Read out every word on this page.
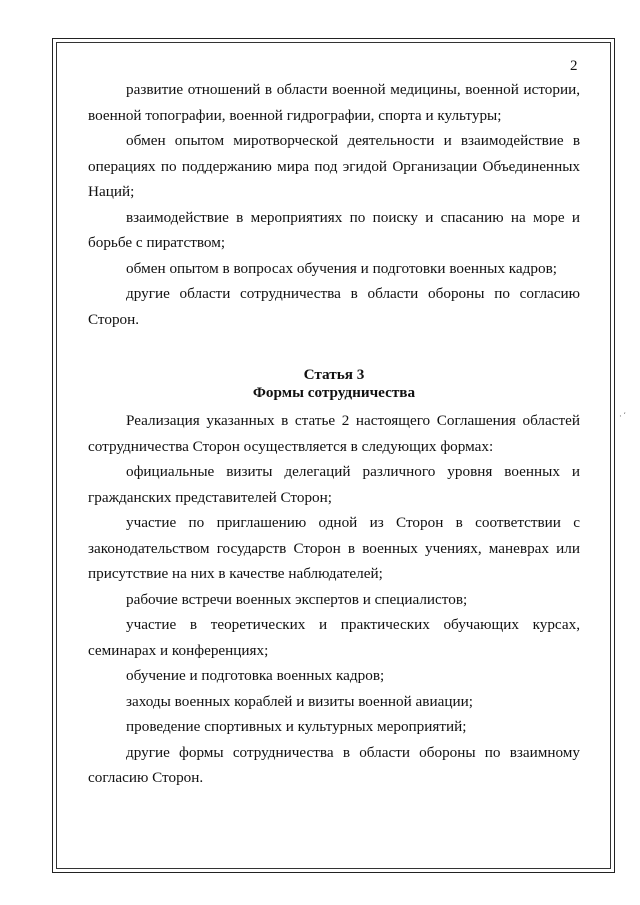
2
· ̕

развитие отношений в области военной медицины, военной истории, военной топографии, военной гидрографии, спорта и культуры;

обмен опытом миротворческой деятельности и взаимодействие в операциях по поддержанию мира под эгидой Организации Объединенных Наций;

взаимодействие в мероприятиях по поиску и спасанию на море и борьбе с пиратством;

обмен опытом в вопросах обучения и подготовки военных кадров;

другие области сотрудничества в области обороны по согласию Сторон.

Статья 3

Формы сотрудничества

Реализация указанных в статье 2 настоящего Соглашения областей сотрудничества Сторон осуществляется в следующих формах:

официальные визиты делегаций различного уровня военных и гражданских представителей Сторон;

участие по приглашению одной из Сторон в соответствии с законодательством государств Сторон в военных учениях, маневрах или присутствие на них в качестве наблюдателей;

рабочие встречи военных экспертов и специалистов;

участие в теоретических и практических обучающих курсах, семинарах и конференциях;

обучение и подготовка военных кадров;

заходы военных кораблей и визиты военной авиации;

проведение спортивных и культурных мероприятий;

другие формы сотрудничества в области обороны по взаимному согласию Сторон.
